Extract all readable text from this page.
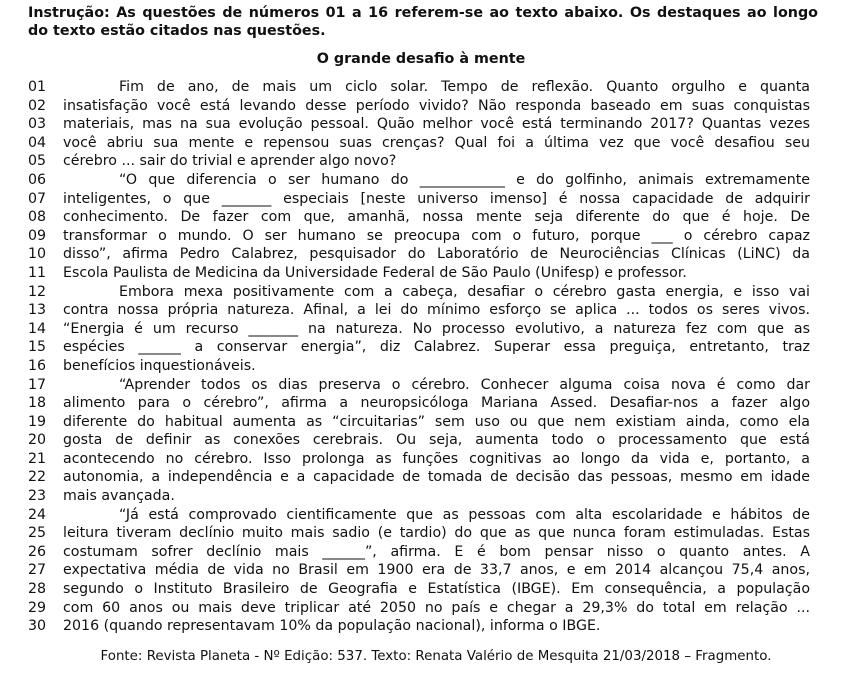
Instrução: As questões de números 01 a 16 referem-se ao texto abaixo. Os destaques ao longo do texto estão citados nas questões.
O grande desafio à mente
01	Fim de ano, de mais um ciclo solar. Tempo de reflexão. Quanto orgulho e quanta
02	insatisfação você está levando desse período vivido? Não responda baseado em suas conquistas
03	materiais, mas na sua evolução pessoal. Quão melhor você está terminando 2017? Quantas vezes
04	você abriu sua mente e repensou suas crenças? Qual foi a última vez que você desafiou seu
05	cérebro ... sair do trivial e aprender algo novo?
06	“O que diferencia o ser humano do ____________ e do golfinho, animais extremamente
07	inteligentes, o que _______ especiais [neste universo imenso] é nossa capacidade de adquirir
08	conhecimento. De fazer com que, amanhã, nossa mente seja diferente do que é hoje. De
09	transformar o mundo. O ser humano se preocupa com o futuro, porque ___ o cérebro capaz
10	disso”, afirma Pedro Calabrez, pesquisador do Laboratório de Neurociências Clínicas (LiNC) da
11	Escola Paulista de Medicina da Universidade Federal de São Paulo (Unifesp) e professor.
12	Embora mexa positivamente com a cabeça, desafiar o cérebro gasta energia, e isso vai
13	contra nossa própria natureza. Afinal, a lei do mínimo esforço se aplica ... todos os seres vivos.
14	“Energia é um recurso _______ na natureza. No processo evolutivo, a natureza fez com que as
15	espécies ______ a conservar energia”, diz Calabrez. Superar essa preguiça, entretanto, traz
16	benefícios inquestionáveis.
17	“Aprender todos os dias preserva o cérebro. Conhecer alguma coisa nova é como dar
18	alimento para o cérebro”, afirma a neuropsicóloga Mariana Assed. Desafiar-nos a fazer algo
19	diferente do habitual aumenta as “circuitarias” sem uso ou que nem existiam ainda, como ela
20	gosta de definir as conexões cerebrais. Ou seja, aumenta todo o processamento que está
21	acontecendo no cérebro. Isso prolonga as funções cognitivas ao longo da vida e, portanto, a
22	autonomia, a independência e a capacidade de tomada de decisão das pessoas, mesmo em idade
23	mais avançada.
24	“Já está comprovado cientificamente que as pessoas com alta escolaridade e hábitos de
25	leitura tiveram declínio muito mais sadio (e tardio) do que as que nunca foram estimuladas. Estas
26	costumam sofrer declínio mais ______”, afirma. E é bom pensar nisso o quanto antes. A
27	expectativa média de vida no Brasil em 1900 era de 33,7 anos, e em 2014 alcançou 75,4 anos,
28	segundo o Instituto Brasileiro de Geografia e Estatística (IBGE). Em consequência, a população
29	com 60 anos ou mais deve triplicar até 2050 no país e chegar a 29,3% do total em relação ...
30	2016 (quando representavam 10% da população nacional), informa o IBGE.
Fonte: Revista Planeta - Nº Edição: 537. Texto: Renata Valério de Mesquita 21/03/2018 – Fragmento.
